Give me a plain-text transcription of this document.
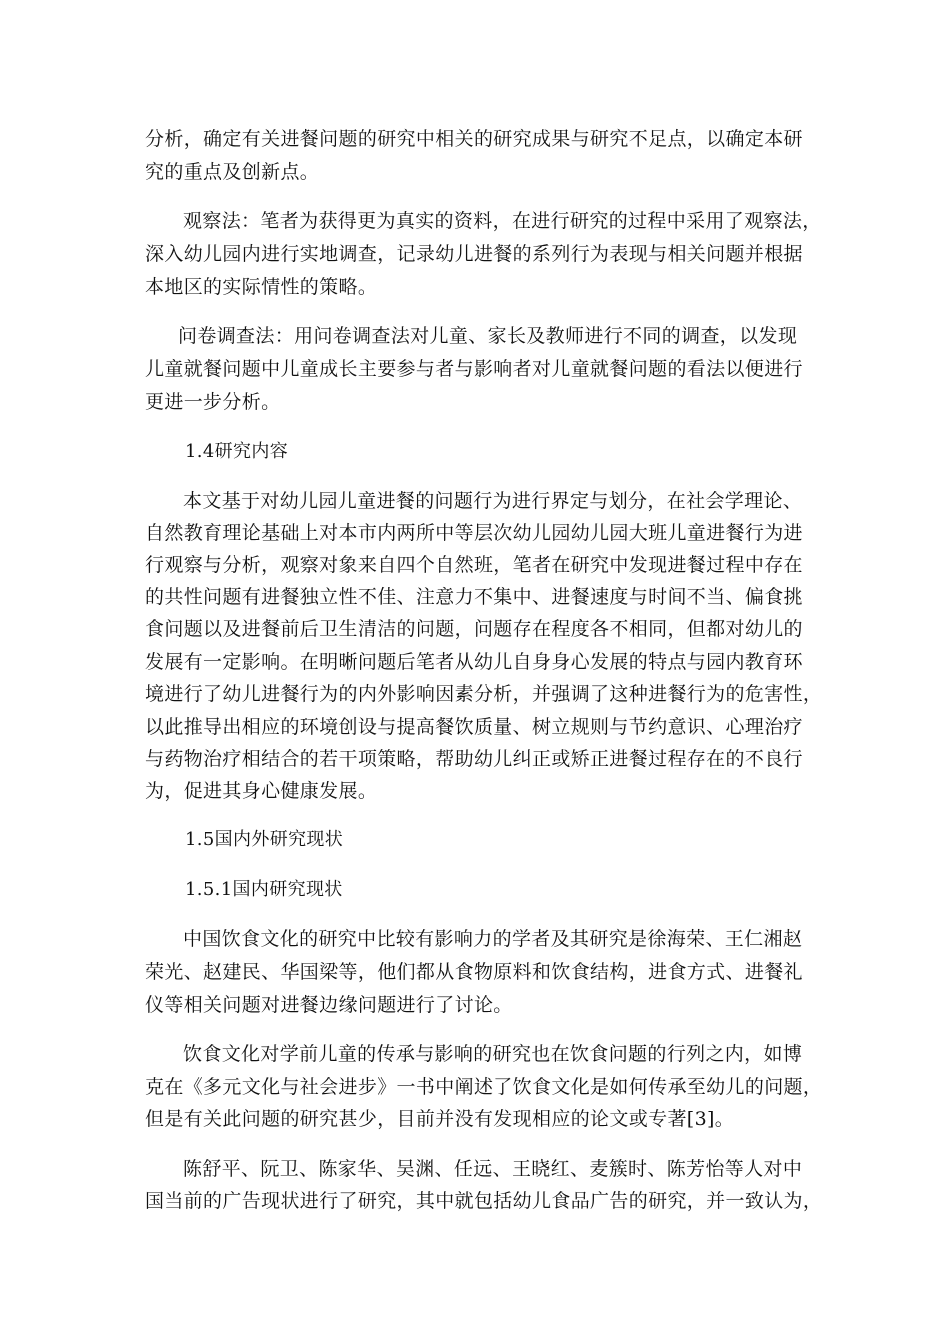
分析，确定有关进餐问题的研究中相关的研究成果与研究不足点，以确定本研
究的重点及创新点。
观察法：笔者为获得更为真实的资料，在进行研究的过程中采用了观察法，
深入幼儿园内进行实地调查，记录幼儿进餐的系列行为表现与相关问题并根据
本地区的实际情性的策略。
问卷调查法：用问卷调查法对儿童、家长及教师进行不同的调查，以发现
儿童就餐问题中儿童成长主要参与者与影响者对儿童就餐问题的看法以便进行
更进一步分析。
1.4研究内容
本文基于对幼儿园儿童进餐的问题行为进行界定与划分，在社会学理论、
自然教育理论基础上对本市内两所中等层次幼儿园幼儿园大班儿童进餐行为进
行观察与分析，观察对象来自四个自然班，笔者在研究中发现进餐过程中存在
的共性问题有进餐独立性不佳、注意力不集中、进餐速度与时间不当、偏食挑
食问题以及进餐前后卫生清洁的问题，问题存在程度各不相同，但都对幼儿的
发展有一定影响。在明晰问题后笔者从幼儿自身身心发展的特点与园内教育环
境进行了幼儿进餐行为的内外影响因素分析，并强调了这种进餐行为的危害性，
以此推导出相应的环境创设与提高餐饮质量、树立规则与节约意识、心理治疗
与药物治疗相结合的若干项策略，帮助幼儿纠正或矫正进餐过程存在的不良行
为，促进其身心健康发展。
1.5国内外研究现状
1.5.1国内研究现状
中国饮食文化的研究中比较有影响力的学者及其研究是徐海荣、王仁湘赵
荣光、赵建民、华国梁等，他们都从食物原料和饮食结构，进食方式、进餐礼
仪等相关问题对进餐边缘问题进行了讨论。
饮食文化对学前儿童的传承与影响的研究也在饮食问题的行列之内，如博
克在《多元文化与社会进步》一书中阐述了饮食文化是如何传承至幼儿的问题，
但是有关此问题的研究甚少，目前并没有发现相应的论文或专著[3]。
陈舒平、阮卫、陈家华、吴渊、任远、王晓红、麦簇时、陈芳怡等人对中
国当前的广告现状进行了研究，其中就包括幼儿食品广告的研究，并一致认为，
